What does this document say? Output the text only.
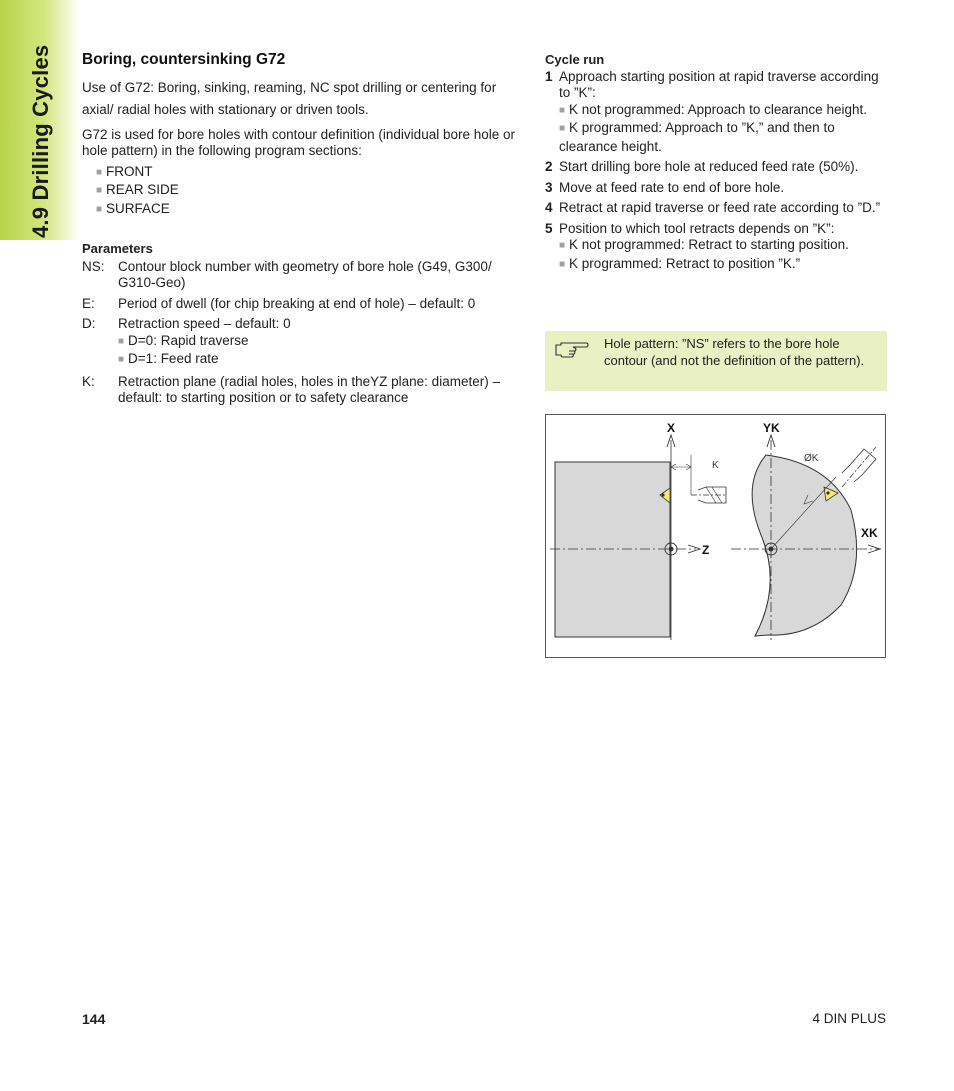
4.9 Drilling Cycles Boring, countersinking G72

Use of G72: Boring, sinking, reaming, NC spot drilling or centering for axial/ radial holes with stationary or driven tools.

G72 is used for bore holes with contour definition (individual bore hole or hole pattern) in the following program sections:

■ FRONT
■ REAR SIDE
■ SURFACE
Parameters
NS: Contour block number with geometry of bore hole (G49, G300/ G310-Geo)
E:	Period of dwell (for chip breaking at end of hole) – default: 0
D:	Retraction speed – default: 0
■ D=0: Rapid traverse
■ D=1: Feed rate
K:	Retraction plane (radial holes, holes in theYZ plane: diameter) – default: to starting position or to safety clearance
Cycle run
1 Approach starting position at rapid traverse according to ”K”:
■ K not programmed: Approach to clearance height.
■ K programmed: Approach to ”K,” and then to clearance height.
2 Start drilling bore hole at reduced feed rate (50%).
3 Move at feed rate to end of bore hole.
4 Retract at rapid traverse or feed rate according to ”D.”
5 Position to which tool retracts depends on ”K”:
■ K not programmed: Retract to starting position.
■ K programmed: Retract to position ”K.”
Hole pattern: ”NS” refers to the bore hole contour (and not the definition of the pattern).
K
X
Z
ØK
YK
XK
144	4 DIN PLUS
